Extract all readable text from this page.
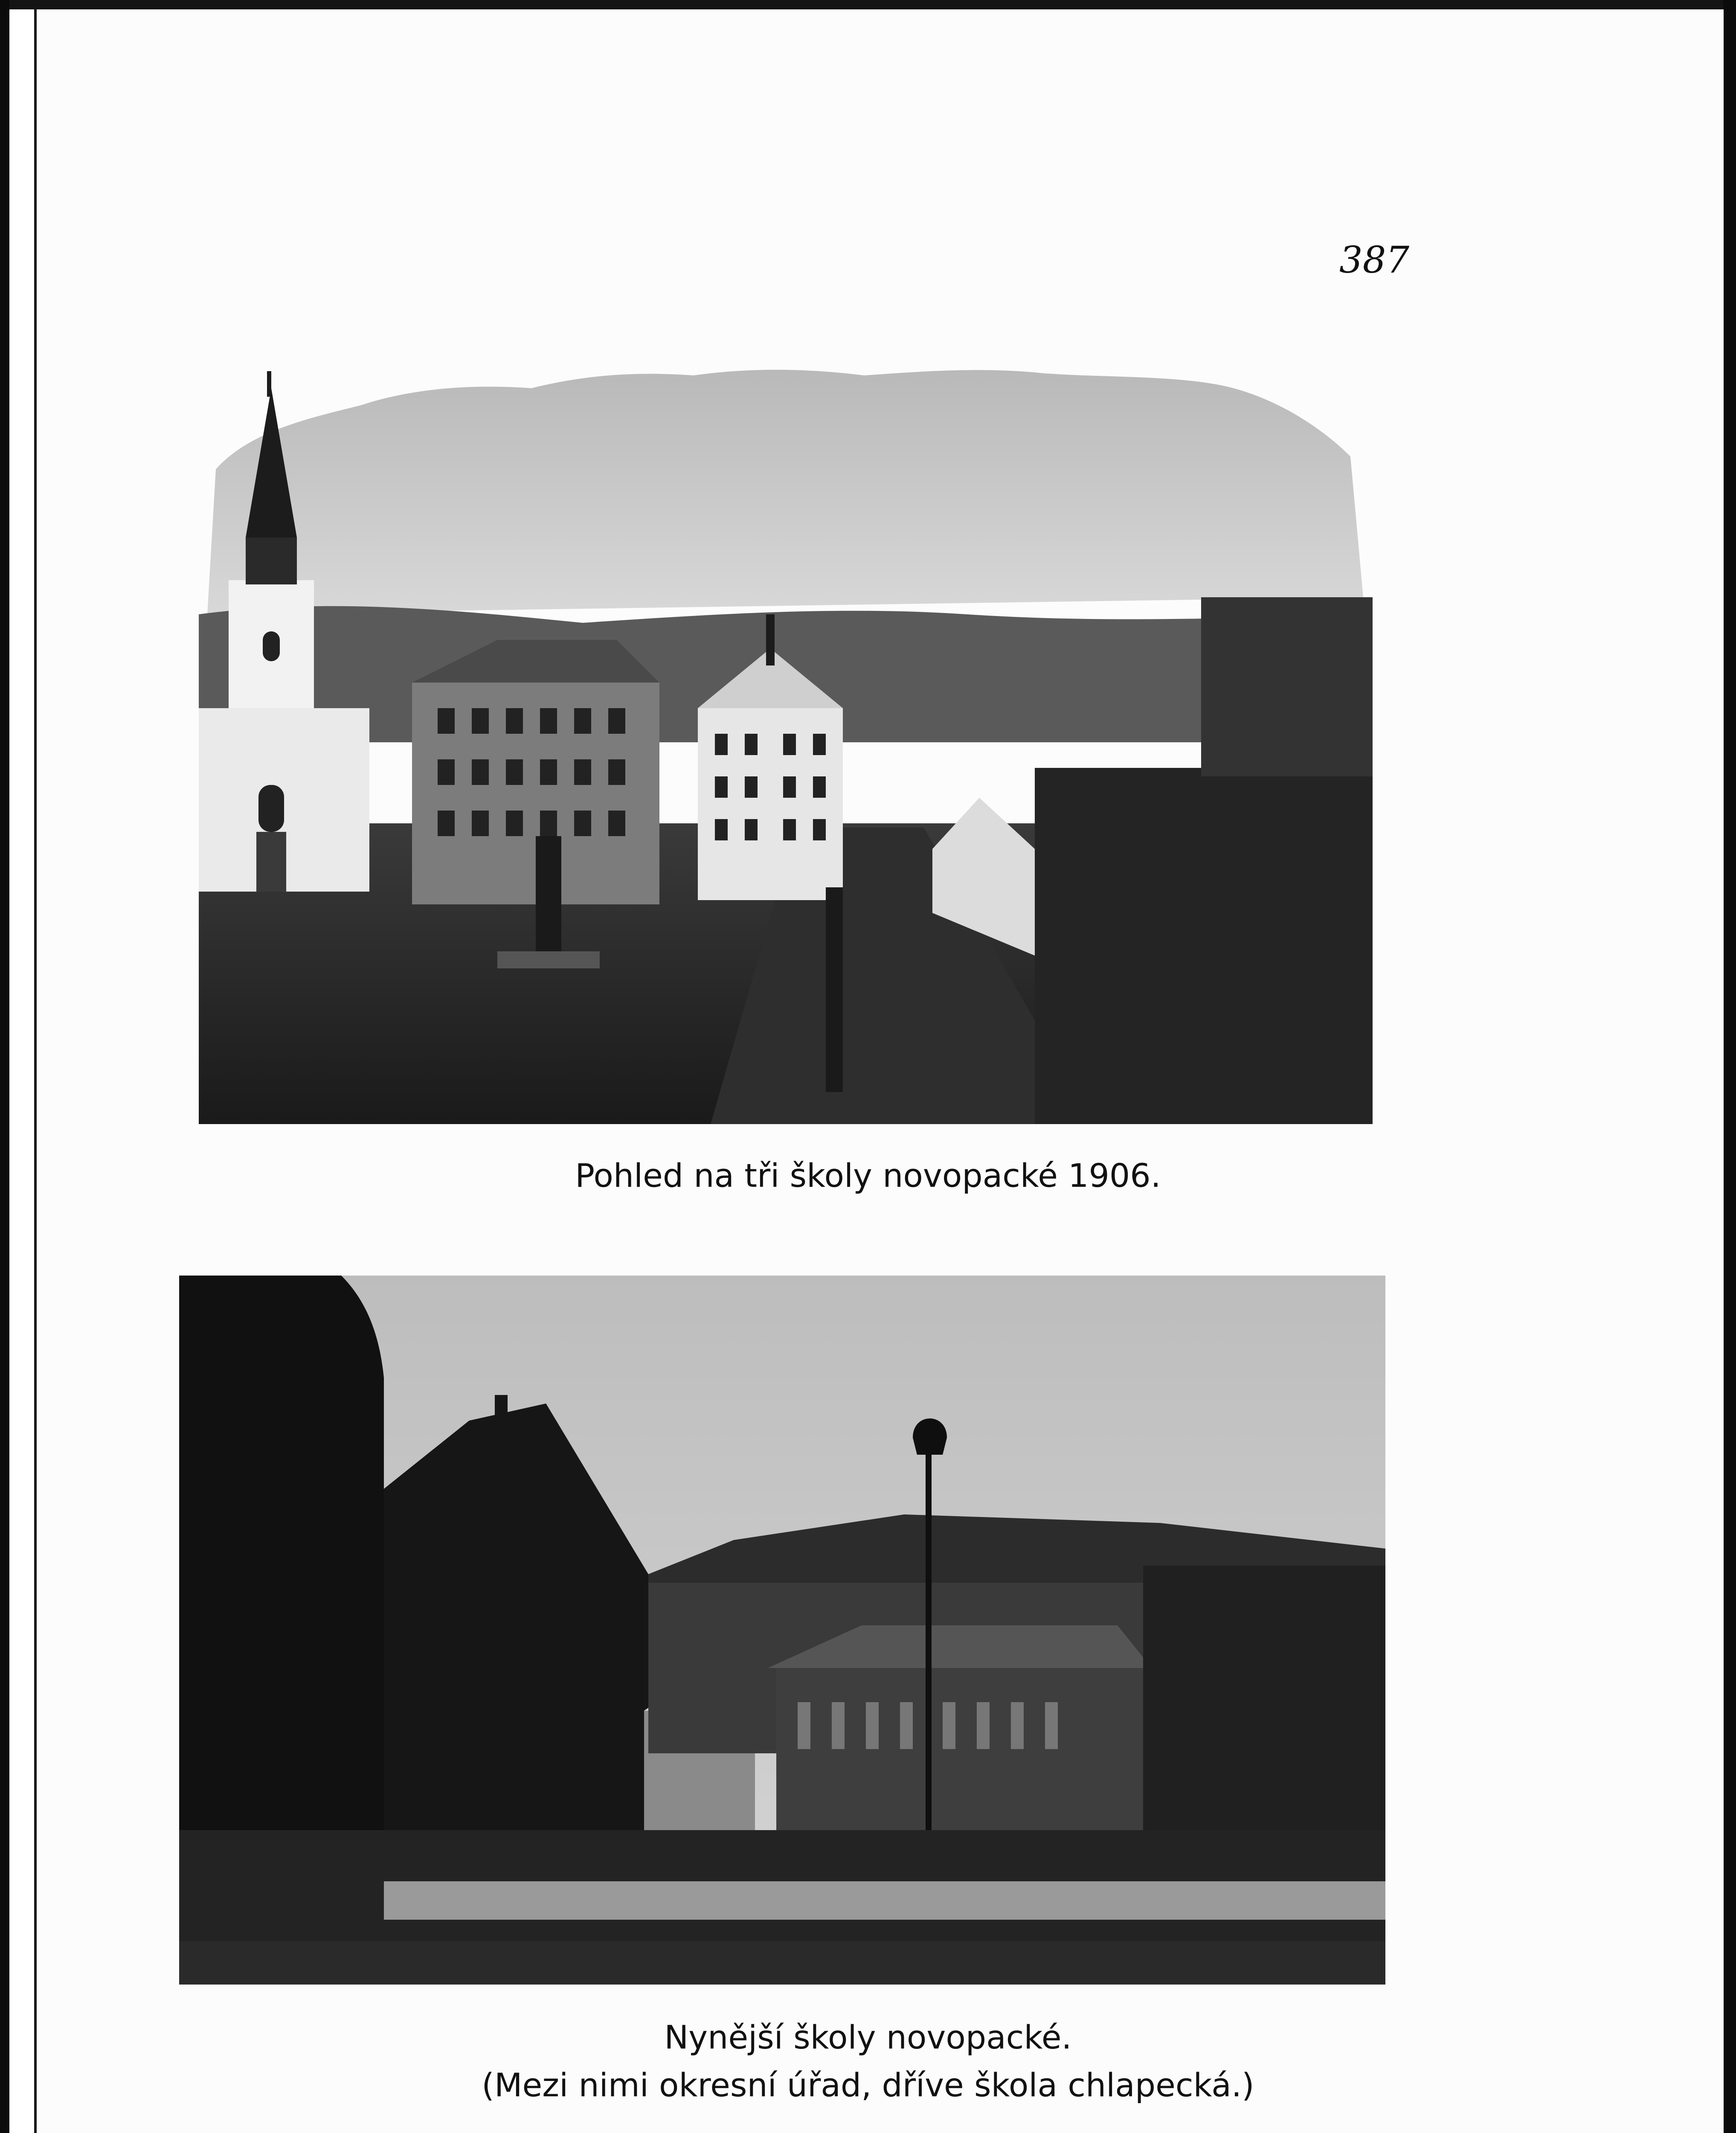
387
Pohled na tři školy novopacké 1906.
Nynější školy novopacké.
(Mezi nimi okresní úřad, dříve škola chlapecká.)
